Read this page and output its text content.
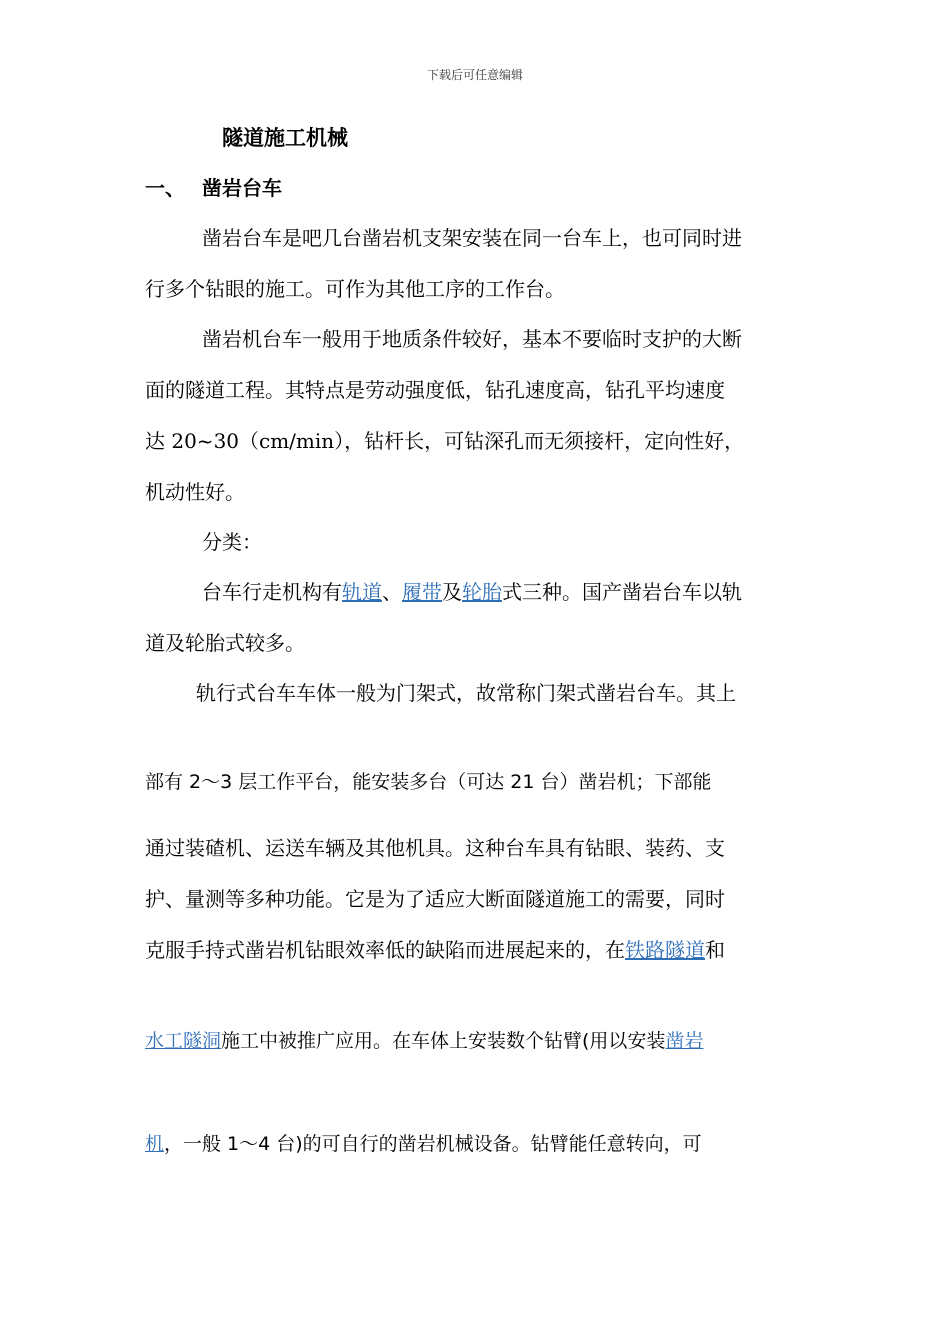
下载后可任意编辑
隧道施工机械
一、 凿岩台车
凿岩台车是吧几台凿岩机支架安装在同一台车上，也可同时进
行多个钻眼的施工。可作为其他工序的工作台。
凿岩机台车一般用于地质条件较好，基本不要临时支护的大断
面的隧道工程。其特点是劳动强度低，钻孔速度高，钻孔平均速度
达 20~30（cm/min），钻杆长，可钻深孔而无须接杆，定向性好，
机动性好。
分类：
台车行走机构有轨道、履带及轮胎式三种。国产凿岩台车以轨
道及轮胎式较多。
轨行式台车车体一般为门架式，故常称门架式凿岩台车。其上
部有 2～3 层工作平台，能安装多台（可达 21 台）凿岩机；下部能
通过装碴机、运送车辆及其他机具。这种台车具有钻眼、装药、支
护、量测等多种功能。它是为了适应大断面隧道施工的需要，同时
克服手持式凿岩机钻眼效率低的缺陷而进展起来的，在铁路隧道和
水工隧洞施工中被推广应用。在车体上安装数个钻臂(用以安装凿岩
机，一般 1～4 台)的可自行的凿岩机械设备。钻臂能任意转向，可
